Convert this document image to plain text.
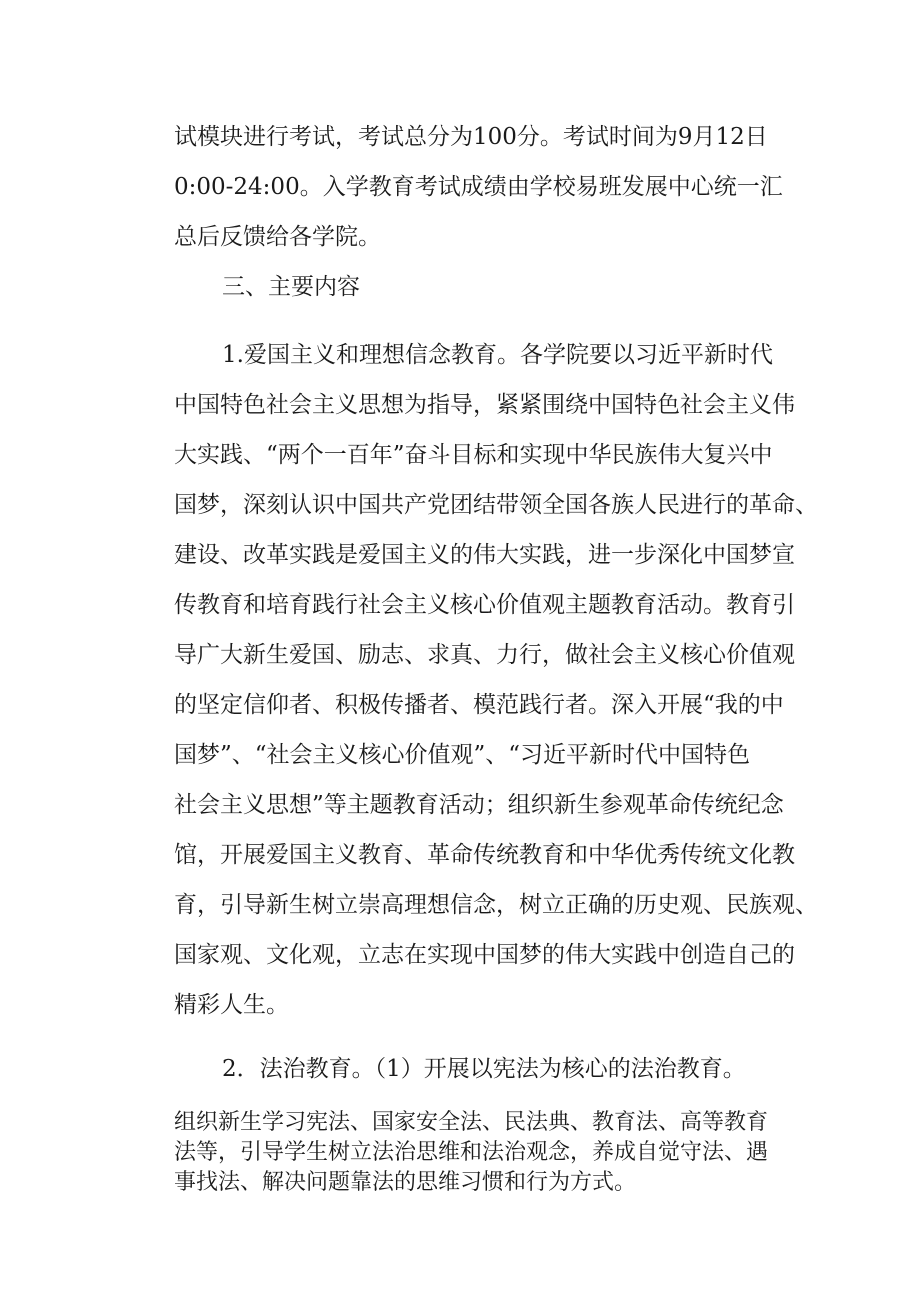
试模块进行考试，考试总分为100分。考试时间为9月12日
0:00-24:00。入学教育考试成绩由学校易班发展中心统一汇
总后反馈给各学院。
三、主要内容
1.爱国主义和理想信念教育。各学院要以习近平新时代
中国特色社会主义思想为指导，紧紧围绕中国特色社会主义伟
大实践、“两个一百年”奋斗目标和实现中华民族伟大复兴中
国梦，深刻认识中国共产党团结带领全国各族人民进行的革命、
建设、改革实践是爱国主义的伟大实践，进一步深化中国梦宣
传教育和培育践行社会主义核心价值观主题教育活动。教育引
导广大新生爱国、励志、求真、力行，做社会主义核心价值观
的坚定信仰者、积极传播者、模范践行者。深入开展“我的中
国梦”、“社会主义核心价值观”、“习近平新时代中国特色
社会主义思想”等主题教育活动；组织新生参观革命传统纪念
馆，开展爱国主义教育、革命传统教育和中华优秀传统文化教
育，引导新生树立崇高理想信念，树立正确的历史观、民族观、
国家观、文化观，立志在实现中国梦的伟大实践中创造自己的
精彩人生。
2．法治教育。（1）开展以宪法为核心的法治教育。
组织新生学习宪法、国家安全法、民法典、教育法、高等教育
法等，引导学生树立法治思维和法治观念，养成自觉守法、遇
事找法、解决问题靠法的思维习惯和行为方式。
